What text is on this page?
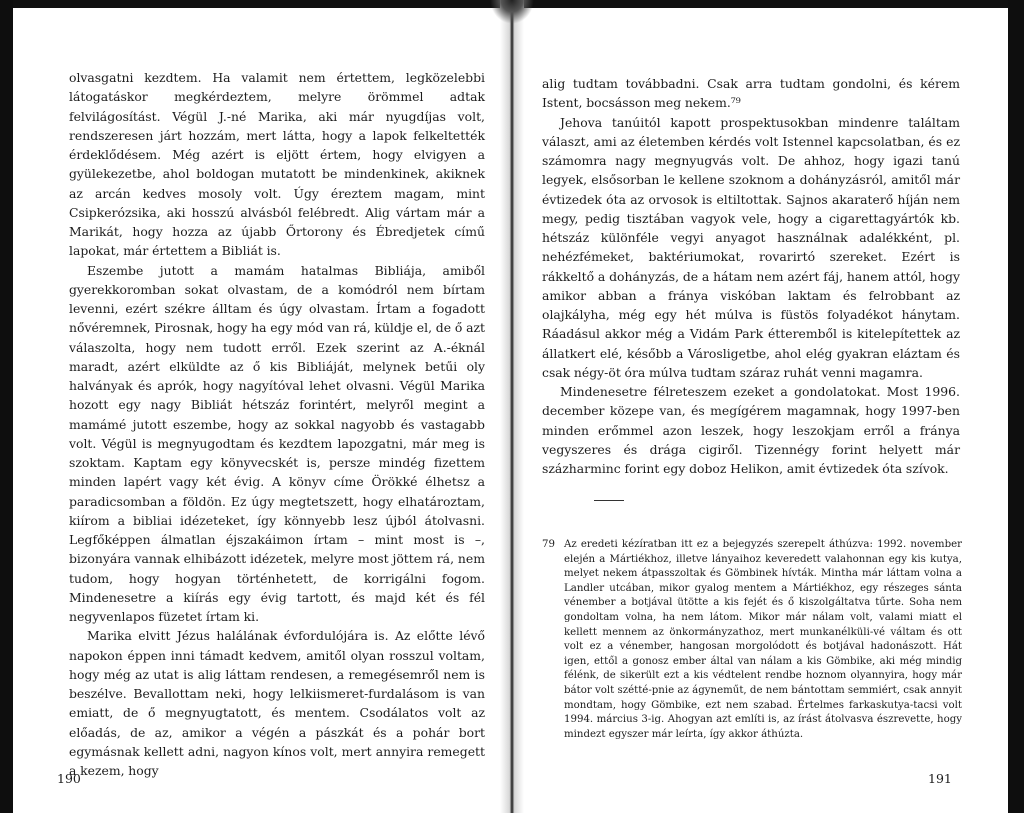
olvasgatni kezdtem. Ha valamit nem értettem, legközelebbi látogatáskor megkérdeztem, melyre örömmel adtak felvilágosítást. Végül J.-né Marika, aki már nyugdíjas volt, rendszeresen járt hozzám, mert látta, hogy a lapok felkeltették érdeklődésem. Még azért is eljött értem, hogy elvigyen a gyülekezetbe, ahol boldogan mutatott be mindenkinek, akiknek az arcán kedves mosoly volt. Úgy éreztem magam, mint Csipkerózsika, aki hosszú alvásból felébredt. Alig vártam már a Marikát, hogy hozza az újabb Őrtorony és Ébredjetek című lapokat, már értettem a Bibliát is.

Eszembe jutott a mamám hatalmas Bibliája, amiből gyerekkoromban sokat olvastam, de a komódról nem bírtam levenni, ezért székre álltam és úgy olvastam. Írtam a fogadott nővéremnek, Pirosnak, hogy ha egy mód van rá, küldje el, de ő azt válaszolta, hogy nem tudott erről. Ezek szerint az A.-éknál maradt, azért elküldte az ő kis Bibliáját, melynek betűi oly halványak és aprók, hogy nagyítóval lehet olvasni. Végül Marika hozott egy nagy Bibliát hétszáz forintért, melyről megint a mamámé jutott eszembe, hogy az sokkal nagyobb és vastagabb volt. Végül is megnyugodtam és kezdtem lapozgatni, már meg is szoktam. Kaptam egy könyvecskét is, persze mindég fizettem minden lapért vagy két évig. A könyv címe Örökké élhetsz a paradicsomban a földön. Ez úgy megtetszett, hogy elhatároztam, kiírom a bibliai idézeteket, így könnyebb lesz újból átolvasni. Legfőképpen álmatlan éjszakáimon írtam – mint most is –, bizonyára vannak elhibázott idézetek, melyre most jöttem rá, nem tudom, hogy hogyan történhetett, de korrigálni fogom. Mindenesetre a kiírás egy évig tartott, és majd két és fél negyvenlapos füzetet írtam ki.

Marika elvitt Jézus halálának évfordulójára is. Az előtte lévő napokon éppen inni támadt kedvem, amitől olyan rosszul voltam, hogy még az utat is alig láttam rendesen, a remegésemről nem is beszélve. Bevallottam neki, hogy lelkiismeret-furdalásom is van emiatt, de ő megnyugtatott, és mentem. Csodálatos volt az előadás, de az, amikor a végén a pászkát és a pohár bort egymásnak kellett adni, nagyon kínos volt, mert annyira remegett a kezem, hogy

190

alig tudtam továbbadni. Csak arra tudtam gondolni, és kérem Istent, bocsásson meg nekem.⁷⁹

Jehova tanúitól kapott prospektusokban mindenre találtam választ, ami az életemben kérdés volt Istennel kapcsolatban, és ez számomra nagy megnyugvás volt. De ahhoz, hogy igazi tanú legyek, elsősorban le kellene szoknom a dohányzásról, amitől már évtizedek óta az orvosok is eltiltottak. Sajnos akaraterő híján nem megy, pedig tisztában vagyok vele, hogy a cigarettagyártók kb. hétszáz különféle vegyi anyagot használnak adalékként, pl. nehézfémeket, baktériumokat, rovarirtó szereket. Ezért is rákkeltő a dohányzás, de a hátam nem azért fáj, hanem attól, hogy amikor abban a fránya viskóban laktam és felrobbant az olajkályha, még egy hét múlva is füstös folyadékot hánytam. Ráadásul akkor még a Vidám Park étteremből is kitelepítettek az állatkert elé, később a Városligetbe, ahol elég gyakran eláztam és csak négy-öt óra múlva tudtam száraz ruhát venni magamra.

Mindenesetre félreteszem ezeket a gondolatokat. Most 1996. december közepe van, és megígérem magamnak, hogy 1997-ben minden erőmmel azon leszek, hogy leszokjam erről a fránya vegyszeres és drága cigiről. Tizennégy forint helyett már százharminc forint egy doboz Helikon, amit évtizedek óta szívok.

79 Az eredeti kézíratban itt ez a bejegyzés szerepelt áthúzva: 1992. november elején a Mártiékhoz, illetve lányaihoz keveredett valahonnan egy kis kutya, melyet nekem átpasszoltak és Gömbinek hívták. Mintha már láttam volna a Landler utcában, mikor gyalog mentem a Mártiékhoz, egy részeges sánta vénember a botjával ütötte a kis fejét és ő kiszolgáltatva tűrte. Soha nem gondoltam volna, ha nem látom. Mikor már nálam volt, valami miatt el kellett mennem az önkormányzathoz, mert munkanélküli-vé váltam és ott volt ez a vénember, hangosan morgolódott és botjával hadonászott. Hát igen, ettől a gonosz ember által van nálam a kis Gömbike, aki még mindig félénk, de sikerült ezt a kis védtelent rendbe hoznom olyannyira, hogy már bátor volt szétté-pnie az ágyneműt, de nem bántottam semmiért, csak annyit mondtam, hogy Gömbike, ezt nem szabad. Értelmes farkaskutya-tacsi volt 1994. március 3-ig. Ahogyan azt említi is, az írást átolvasva észrevette, hogy mindezt egyszer már leírta, így akkor áthúzta.
191
